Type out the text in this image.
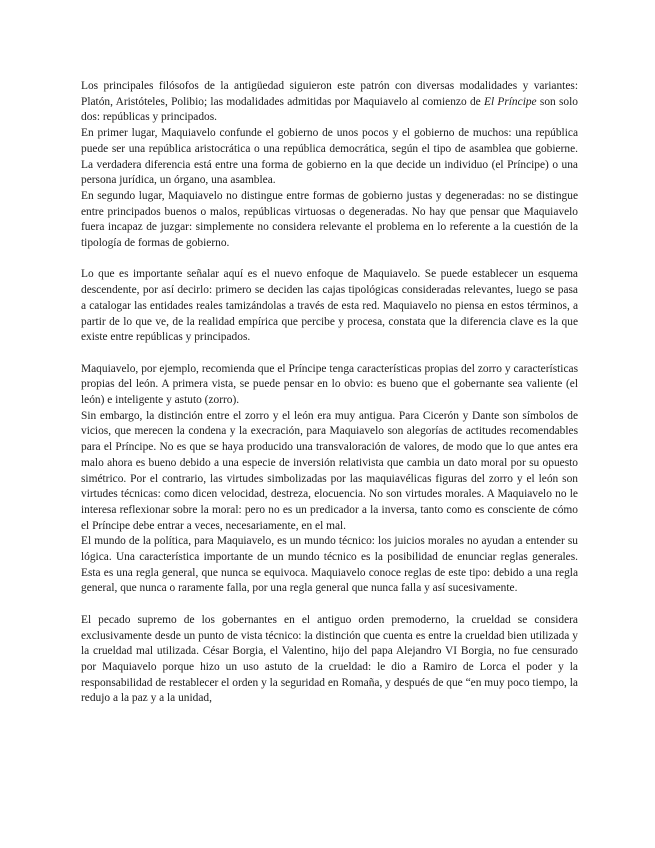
Los principales filósofos de la antigüedad siguieron este patrón con diversas modalidades y variantes: Platón, Aristóteles, Polibio; las modalidades admitidas por Maquiavelo al comienzo de El Príncipe son solo dos: repúblicas y principados.

En primer lugar, Maquiavelo confunde el gobierno de unos pocos y el gobierno de muchos: una república puede ser una república aristocrática o una república democrática, según el tipo de asamblea que gobierne. La verdadera diferencia está entre una forma de gobierno en la que decide un individuo (el Príncipe) o una persona jurídica, un órgano, una asamblea.

En segundo lugar, Maquiavelo no distingue entre formas de gobierno justas y degeneradas: no se distingue entre principados buenos o malos, repúblicas virtuosas o degeneradas. No hay que pensar que Maquiavelo fuera incapaz de juzgar: simplemente no considera relevante el problema en lo referente a la cuestión de la tipología de formas de gobierno.

Lo que es importante señalar aquí es el nuevo enfoque de Maquiavelo. Se puede establecer un esquema descendente, por así decirlo: primero se deciden las cajas tipológicas consideradas relevantes, luego se pasa a catalogar las entidades reales tamizándolas a través de esta red. Maquiavelo no piensa en estos términos, a partir de lo que ve, de la realidad empírica que percibe y procesa, constata que la diferencia clave es la que existe entre repúblicas y principados.

Maquiavelo, por ejemplo, recomienda que el Príncipe tenga características propias del zorro y características propias del león. A primera vista, se puede pensar en lo obvio: es bueno que el gobernante sea valiente (el león) e inteligente y astuto (zorro).

Sin embargo, la distinción entre el zorro y el león era muy antigua. Para Cicerón y Dante son símbolos de vicios, que merecen la condena y la execración, para Maquiavelo son alegorías de actitudes recomendables para el Príncipe. No es que se haya producido una transvaloración de valores, de modo que lo que antes era malo ahora es bueno debido a una especie de inversión relativista que cambia un dato moral por su opuesto simétrico. Por el contrario, las virtudes simbolizadas por las maquiavélicas figuras del zorro y el león son virtudes técnicas: como dicen velocidad, destreza, elocuencia. No son virtudes morales. A Maquiavelo no le interesa reflexionar sobre la moral: pero no es un predicador a la inversa, tanto como es consciente de cómo el Príncipe debe entrar a veces, necesariamente, en el mal.

El mundo de la política, para Maquiavelo, es un mundo técnico: los juicios morales no ayudan a entender su lógica. Una característica importante de un mundo técnico es la posibilidad de enunciar reglas generales. Esta es una regla general, que nunca se equivoca. Maquiavelo conoce reglas de este tipo: debido a una regla general, que nunca o raramente falla, por una regla general que nunca falla y así sucesivamente.

El pecado supremo de los gobernantes en el antiguo orden premoderno, la crueldad se considera exclusivamente desde un punto de vista técnico: la distinción que cuenta es entre la crueldad bien utilizada y la crueldad mal utilizada. César Borgia, el Valentino, hijo del papa Alejandro VI Borgia, no fue censurado por Maquiavelo porque hizo un uso astuto de la crueldad: le dio a Ramiro de Lorca el poder y la responsabilidad de restablecer el orden y la seguridad en Romaña, y después de que “en muy poco tiempo, la redujo a la paz y a la unidad,
